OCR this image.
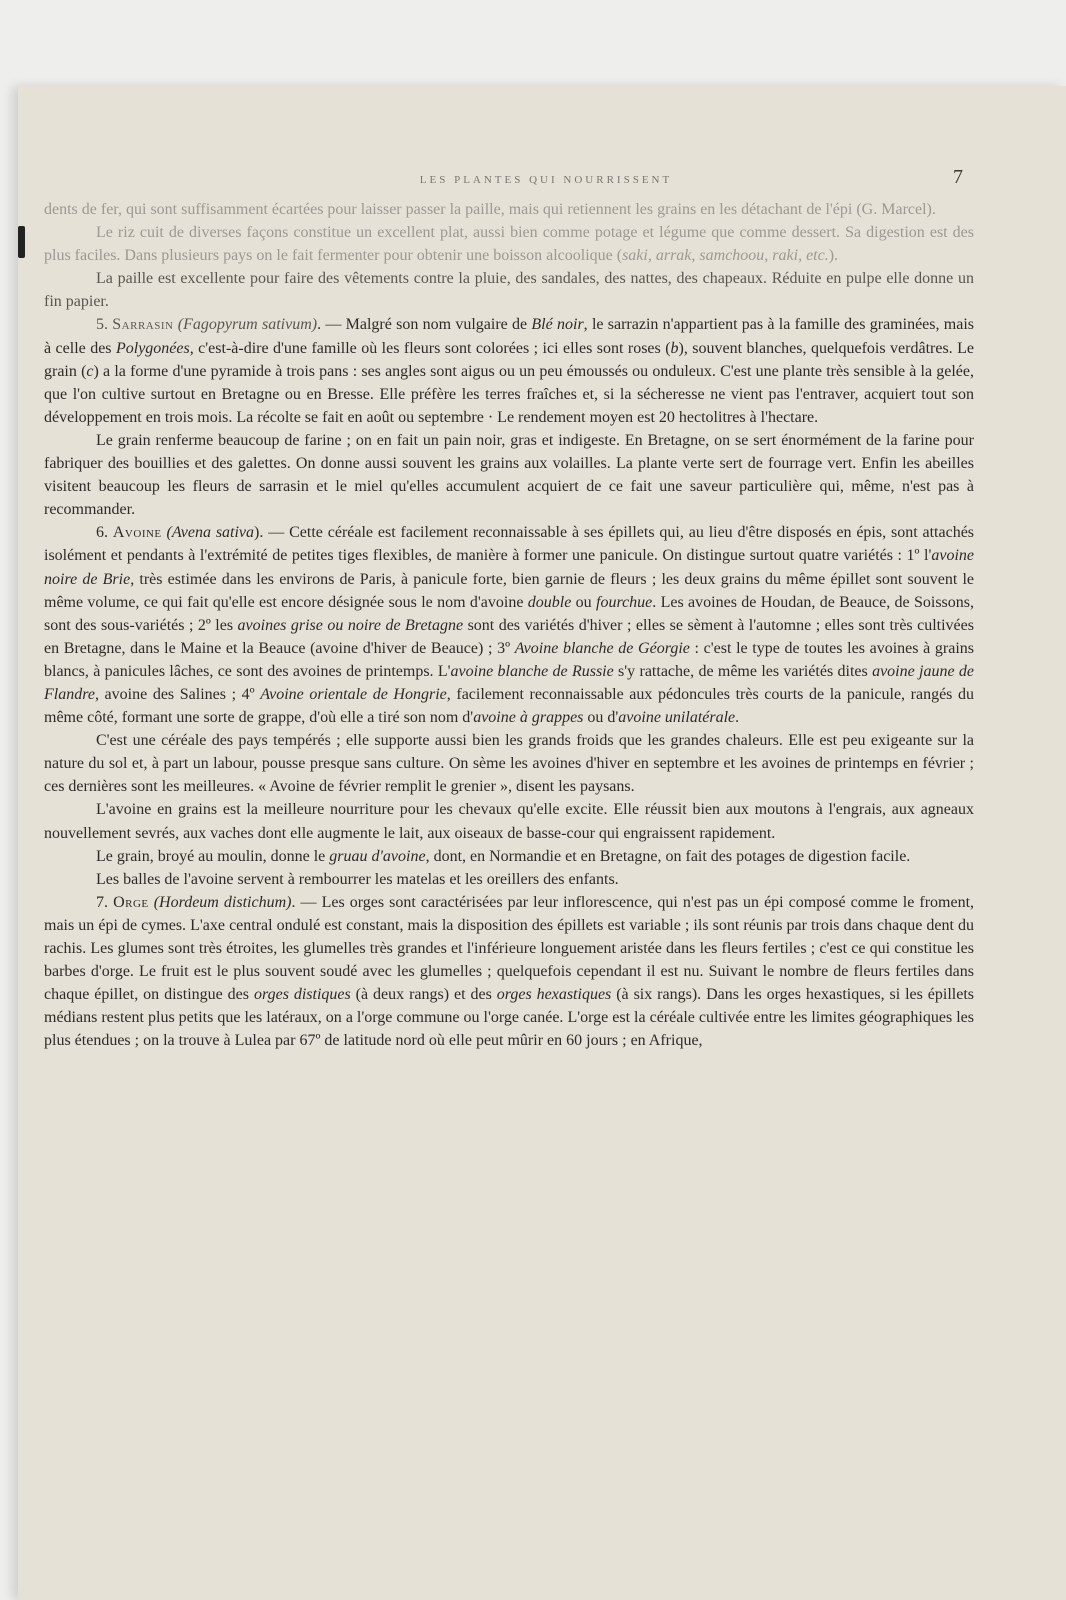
LES PLANTES QUI NOURRISSENT	7

dents de fer, qui sont suffisamment écartées pour laisser passer la paille, mais qui retiennent les grains en les détachant de l'épi (G. Marcel).

Le riz cuit de diverses façons constitue un excellent plat, aussi bien comme potage et légume que comme dessert. Sa digestion est des plus faciles. Dans plusieurs pays on le fait fermenter pour obtenir une boisson alcoolique (saki, arrak, samchoou, raki, etc.).

La paille est excellente pour faire des vêtements contre la pluie, des sandales, des nattes, des chapeaux. Réduite en pulpe elle donne un fin papier.

5. Sarrasin (Fagopyrum sativum). — Malgré son nom vulgaire de Blé noir, le sarrazin n'appartient pas à la famille des graminées, mais à celle des Polygonées, c'est-à-dire d'une famille où les fleurs sont colorées ; ici elles sont roses (b), souvent blanches, quelquefois verdâtres. Le grain (c) a la forme d'une pyramide à trois pans : ses angles sont aigus ou un peu émoussés ou onduleux. C'est une plante très sensible à la gelée, que l'on cultive surtout en Bretagne ou en Bresse. Elle préfère les terres fraîches et, si la sécheresse ne vient pas l'entraver, acquiert tout son développement en trois mois. La récolte se fait en août ou septembre · Le rendement moyen est 20 hectolitres à l'hectare.

Le grain renferme beaucoup de farine ; on en fait un pain noir, gras et indigeste. En Bretagne, on se sert énormément de la farine pour fabriquer des bouillies et des galettes. On donne aussi souvent les grains aux volailles. La plante verte sert de fourrage vert. Enfin les abeilles visitent beaucoup les fleurs de sarrasin et le miel qu'elles accumulent acquiert de ce fait une saveur particulière qui, même, n'est pas à recommander.

6. Avoine (Avena sativa). — Cette céréale est facilement reconnaissable à ses épillets qui, au lieu d'être disposés en épis, sont attachés isolément et pendants à l'extrémité de petites tiges flexibles, de manière à former une panicule. On distingue surtout quatre variétés : 1º l'avoine noire de Brie, très estimée dans les environs de Paris, à panicule forte, bien garnie de fleurs ; les deux grains du même épillet sont souvent le même volume, ce qui fait qu'elle est encore désignée sous le nom d'avoine double ou fourchue. Les avoines de Houdan, de Beauce, de Soissons, sont des sous-variétés ; 2º les avoines grise ou noire de Bretagne sont des variétés d'hiver ; elles se sèment à l'automne ; elles sont très cultivées en Bretagne, dans le Maine et la Beauce (avoine d'hiver de Beauce) ; 3º Avoine blanche de Géorgie : c'est le type de toutes les avoines à grains blancs, à panicules lâches, ce sont des avoines de printemps. L'avoine blanche de Russie s'y rattache, de même les variétés dites avoine jaune de Flandre, avoine des Salines ; 4º Avoine orientale de Hongrie, facilement reconnaissable aux pédoncules très courts de la panicule, rangés du même côté, formant une sorte de grappe, d'où elle a tiré son nom d'avoine à grappes ou d'avoine unilatérale.

C'est une céréale des pays tempérés ; elle supporte aussi bien les grands froids que les grandes chaleurs. Elle est peu exigeante sur la nature du sol et, à part un labour, pousse presque sans culture. On sème les avoines d'hiver en septembre et les avoines de printemps en février ; ces dernières sont les meilleures. « Avoine de février remplit le grenier », disent les paysans.

L'avoine en grains est la meilleure nourriture pour les chevaux qu'elle excite. Elle réussit bien aux moutons à l'engrais, aux agneaux nouvellement sevrés, aux vaches dont elle augmente le lait, aux oiseaux de basse-cour qui engraissent rapidement.

Le grain, broyé au moulin, donne le gruau d'avoine, dont, en Normandie et en Bretagne, on fait des potages de digestion facile.

Les balles de l'avoine servent à rembourrer les matelas et les oreillers des enfants.

7. Orge (Hordeum distichum). — Les orges sont caractérisées par leur inflorescence, qui n'est pas un épi composé comme le froment, mais un épi de cymes. L'axe central ondulé est constant, mais la disposition des épillets est variable ; ils sont réunis par trois dans chaque dent du rachis. Les glumes sont très étroites, les glumelles très grandes et l'inférieure longuement aristée dans les fleurs fertiles ; c'est ce qui constitue les barbes d'orge. Le fruit est le plus souvent soudé avec les glumelles ; quelquefois cependant il est nu. Suivant le nombre de fleurs fertiles dans chaque épillet, on distingue des orges distiques (à deux rangs) et des orges hexastiques (à six rangs). Dans les orges hexastiques, si les épillets médians restent plus petits que les latéraux, on a l'orge commune ou l'orge canée. L'orge est la céréale cultivée entre les limites géographiques les plus étendues ; on la trouve à Lulea par 67º de latitude nord où elle peut mûrir en 60 jours ; en Afrique,
